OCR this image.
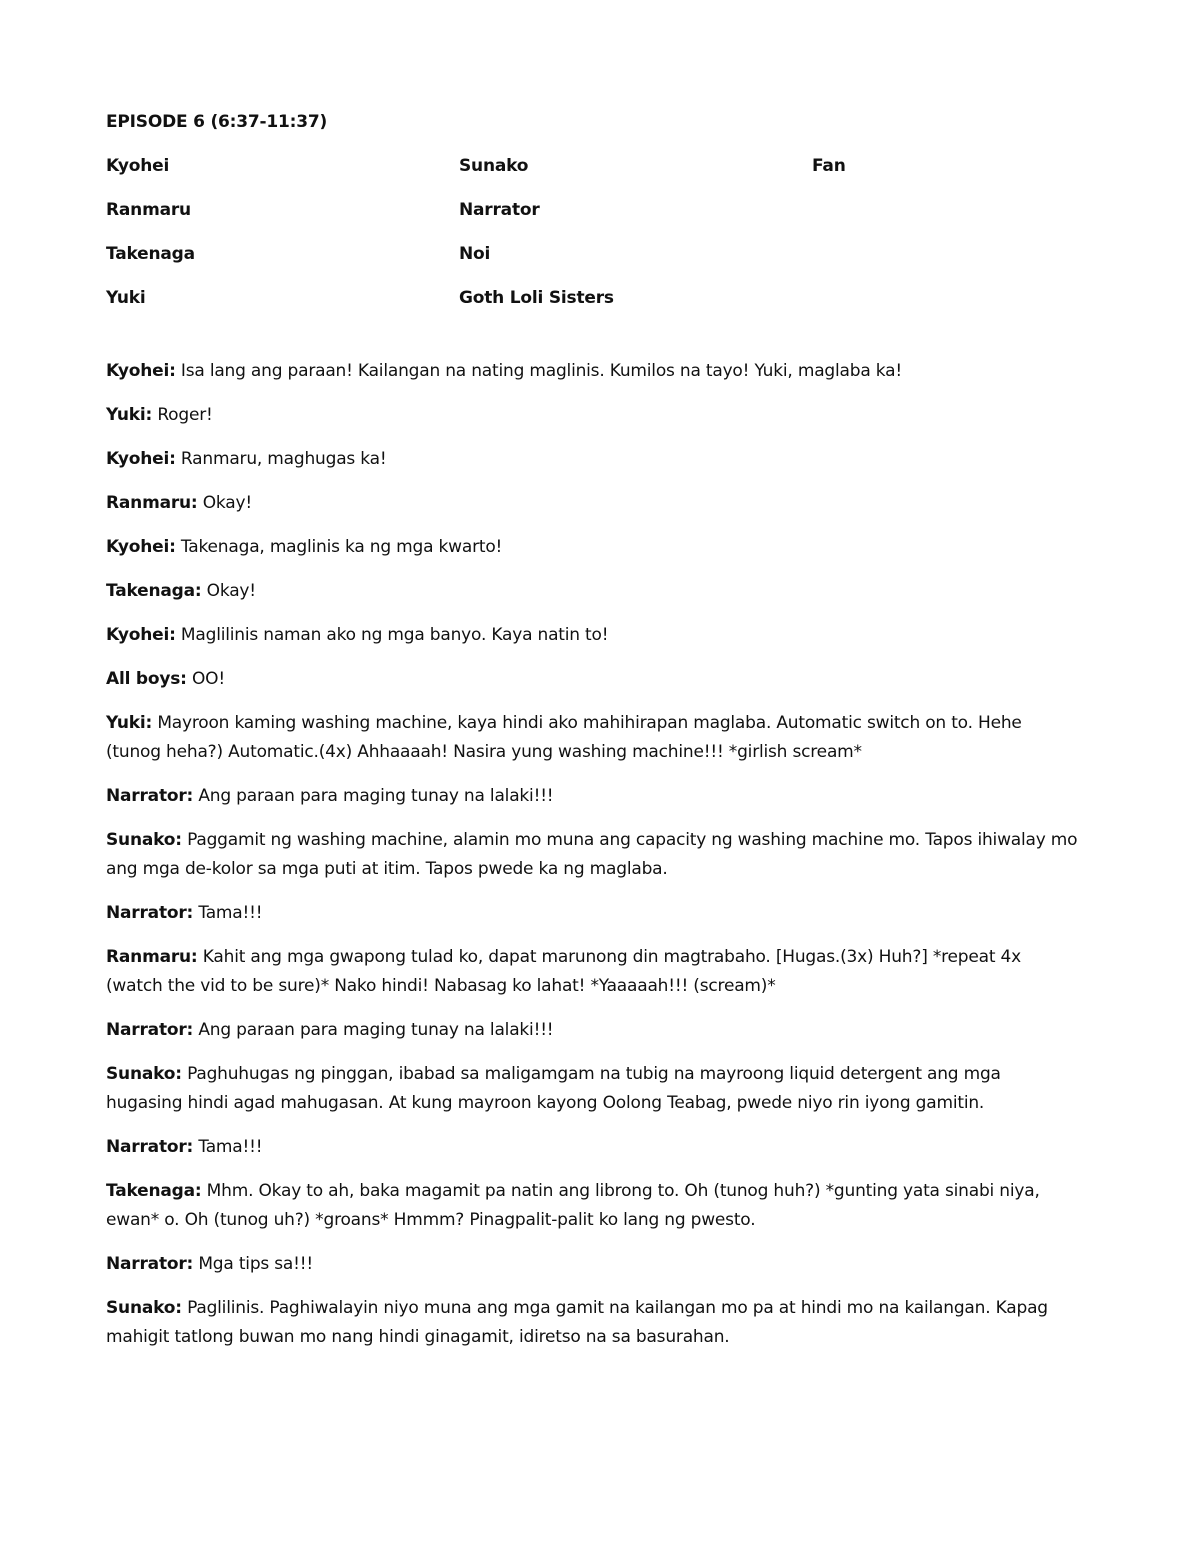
EPISODE 6 (6:37-11:37)
Kyohei	Sunako	Fan
Ranmaru	Narrator
Takenaga	Noi
Yuki	Goth Loli Sisters

Kyohei: Isa lang ang paraan! Kailangan na nating maglinis. Kumilos na tayo! Yuki, maglaba ka!

Yuki: Roger!

Kyohei: Ranmaru, maghugas ka!

Ranmaru: Okay!

Kyohei: Takenaga, maglinis ka ng mga kwarto!

Takenaga: Okay!

Kyohei: Maglilinis naman ako ng mga banyo. Kaya natin to!

All boys: OO!

Yuki: Mayroon kaming washing machine, kaya hindi ako mahihirapan maglaba. Automatic switch on to. Hehe (tunog heha?) Automatic.(4x) Ahhaaaah! Nasira yung washing machine!!! *girlish scream*

Narrator: Ang paraan para maging tunay na lalaki!!!

Sunako: Paggamit ng washing machine, alamin mo muna ang capacity ng washing machine mo. Tapos ihiwalay mo ang mga de-kolor sa mga puti at itim. Tapos pwede ka ng maglaba.

Narrator: Tama!!!

Ranmaru: Kahit ang mga gwapong tulad ko, dapat marunong din magtrabaho. [Hugas.(3x) Huh?] *repeat 4x (watch the vid to be sure)* Nako hindi! Nabasag ko lahat! *Yaaaaah!!! (scream)*

Narrator: Ang paraan para maging tunay na lalaki!!!

Sunako: Paghuhugas ng pinggan, ibabad sa maligamgam na tubig na mayroong liquid detergent ang mga hugasing hindi agad mahugasan. At kung mayroon kayong Oolong Teabag, pwede niyo rin iyong gamitin.

Narrator: Tama!!!

Takenaga: Mhm. Okay to ah, baka magamit pa natin ang librong to. Oh (tunog huh?) *gunting yata sinabi niya, ewan* o. Oh (tunog uh?) *groans* Hmmm? Pinagpalit-palit ko lang ng pwesto.

Narrator: Mga tips sa!!!

Sunako: Paglilinis. Paghiwalayin niyo muna ang mga gamit na kailangan mo pa at hindi mo na kailangan. Kapag mahigit tatlong buwan mo nang hindi ginagamit, idiretso na sa basurahan.
